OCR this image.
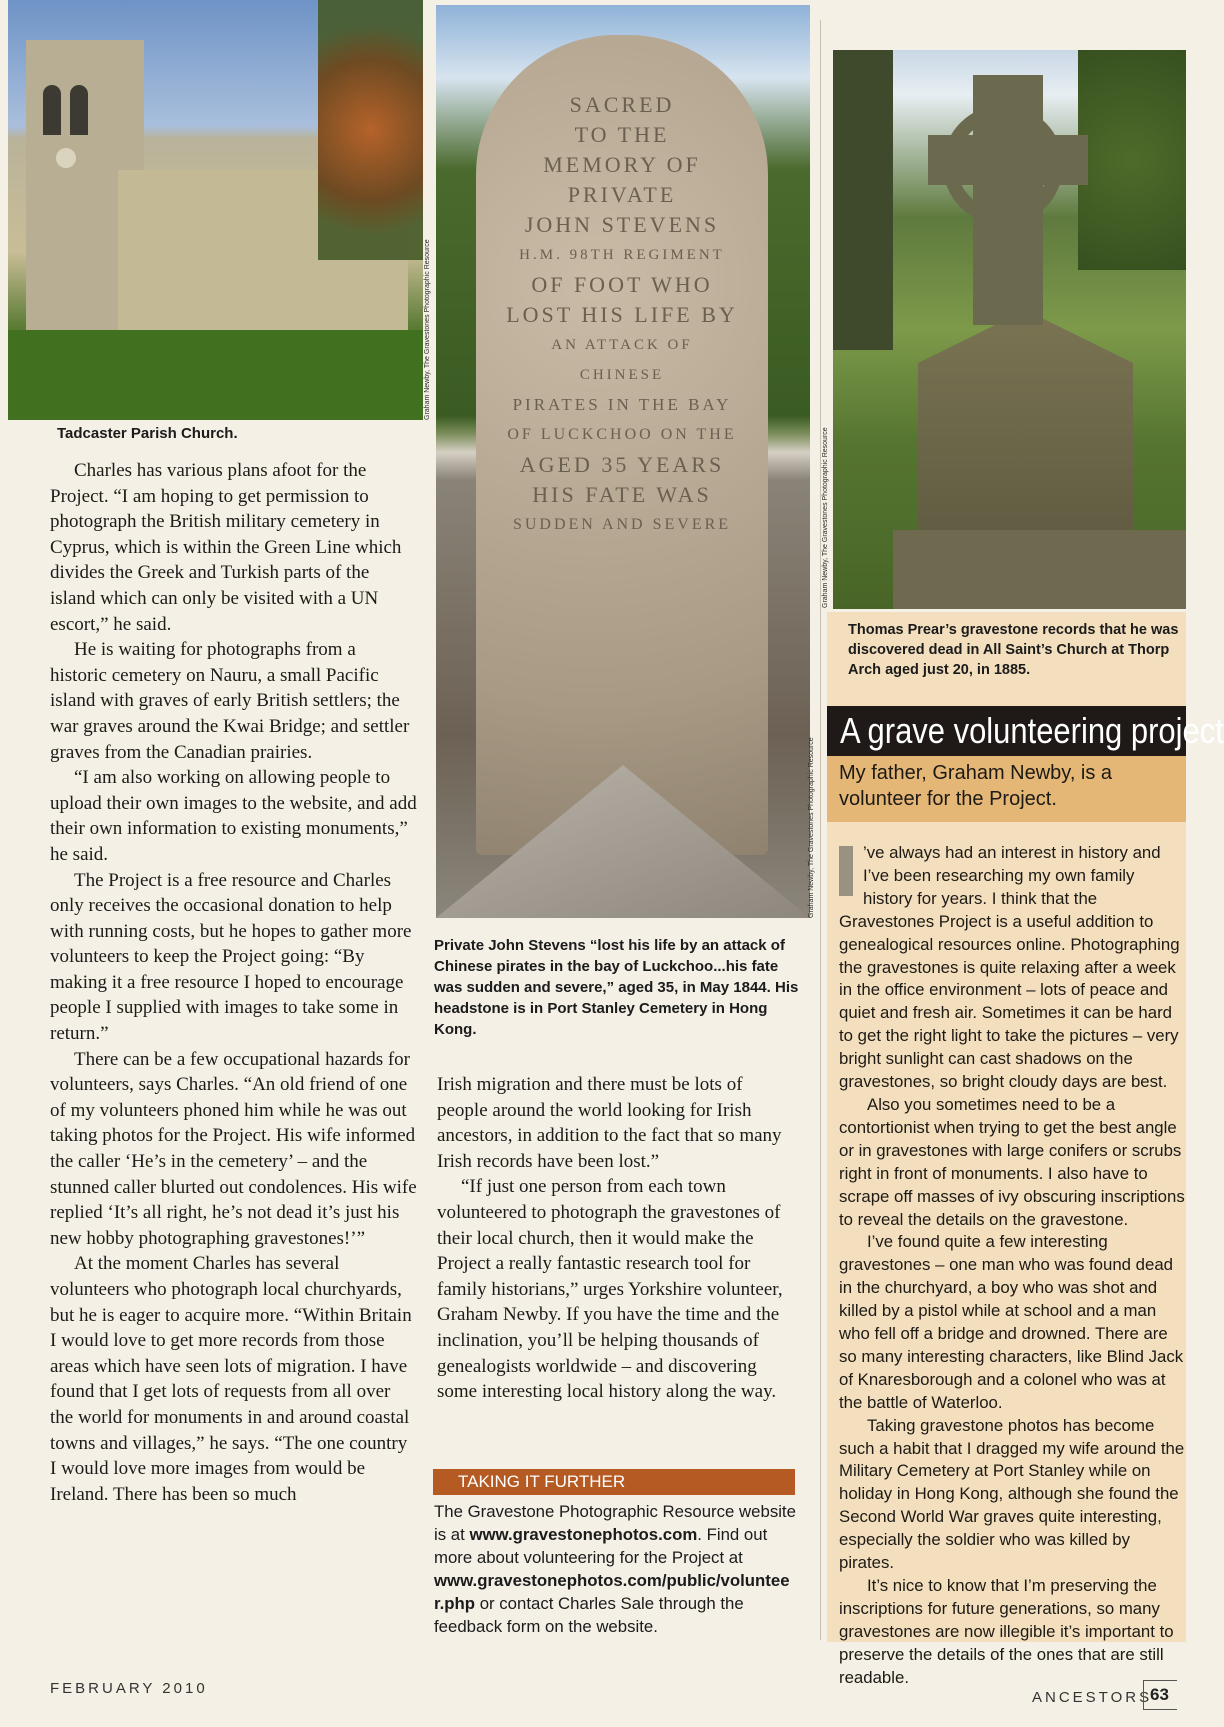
Graham Newby, The Gravestones Photographic Resource
Tadcaster Parish Church.

Charles has various plans afoot for the Project. “I am hoping to get permission to photograph the British military cemetery in Cyprus, which is within the Green Line which divides the Greek and Turkish parts of the island which can only be visited with a UN escort,” he said.

He is waiting for photographs from a historic cemetery on Nauru, a small Pacific island with graves of early British settlers; the war graves around the Kwai Bridge; and settler graves from the Canadian prairies.

“I am also working on allowing people to upload their own images to the website, and add their own information to existing monuments,” he said.

The Project is a free resource and Charles only receives the occasional donation to help with running costs, but he hopes to gather more volunteers to keep the Project going: “By making it a free resource I hoped to encourage people I supplied with images to take some in return.”

There can be a few occupational hazards for volunteers, says Charles. “An old friend of one of my volunteers phoned him while he was out taking photos for the Project. His wife informed the caller ‘He’s in the cemetery’ – and the stunned caller blurted out condolences. His wife replied ‘It’s all right, he’s not dead it’s just his new hobby photographing gravestones!’”

At the moment Charles has several volunteers who photograph local churchyards, but he is eager to acquire more. “Within Britain I would love to get more records from those areas which have seen lots of migration. I have found that I get lots of requests from all over the world for monuments in and around coastal towns and villages,” he says. “The one country I would love more images from would be Ireland. There has been so much

SACRED
TO THE
MEMORY OF
PRIVATE
JOHN STEVENS
H.M. 98TH REGIMENT
OF FOOT WHO
LOST HIS LIFE BY
AN ATTACK OF CHINESE
PIRATES IN THE BAY
OF LUCKCHOO ON THE
AGED 35 YEARS
HIS FATE WAS
SUDDEN AND SEVERE
Graham Newby, The Gravestones Photographic Resource
Private John Stevens “lost his life by an attack of Chinese pirates in the bay of Luckchoo...his fate was sudden and severe,” aged 35, in May 1844. His headstone is in Port Stanley Cemetery in Hong Kong.

Irish migration and there must be lots of people around the world looking for Irish ancestors, in addition to the fact that so many Irish records have been lost.”

“If just one person from each town volunteered to photograph the gravestones of their local church, then it would make the Project a really fantastic research tool for family historians,” urges Yorkshire volunteer, Graham Newby. If you have the time and the inclination, you’ll be helping thousands of genealogists worldwide – and discovering some interesting local history along the way.

TAKING IT FURTHER
The Gravestone Photographic Resource website is at www.gravestonephotos.com. Find out more about volunteering for the Project at www.gravestonephotos.com/public/volunteer.php or contact Charles Sale through the feedback form on the website.
Graham Newby, The Gravestones Photographic Resource
Thomas Prear’s gravestone records that he was discovered dead in All Saint’s Church at Thorp Arch aged just 20, in 1885.
A grave volunteering project
My father, Graham Newby, is a volunteer for the Project.

’ve always had an interest in history and I’ve been researching my own family history for years. I think that the Gravestones Project is a useful addition to genealogical resources online. Photographing the gravestones is quite relaxing after a week in the office environment – lots of peace and quiet and fresh air. Sometimes it can be hard to get the right light to take the pictures – very bright sunlight can cast shadows on the gravestones, so bright cloudy days are best.

Also you sometimes need to be a contortionist when trying to get the best angle or in gravestones with large conifers or scrubs right in front of monuments. I also have to scrape off masses of ivy obscuring inscriptions to reveal the details on the gravestone.

I’ve found quite a few interesting gravestones – one man who was found dead in the churchyard, a boy who was shot and killed by a pistol while at school and a man who fell off a bridge and drowned. There are so many interesting characters, like Blind Jack of Knaresborough and a colonel who was at the battle of Waterloo.

Taking gravestone photos has become such a habit that I dragged my wife around the Military Cemetery at Port Stanley while on holiday in Hong Kong, although she found the Second World War graves quite interesting, especially the soldier who was killed by pirates.

It’s nice to know that I’m preserving the inscriptions for future generations, so many gravestones are now illegible it’s important to preserve the details of the ones that are still readable.

FEBRUARY 2010
ANCESTORS
63
